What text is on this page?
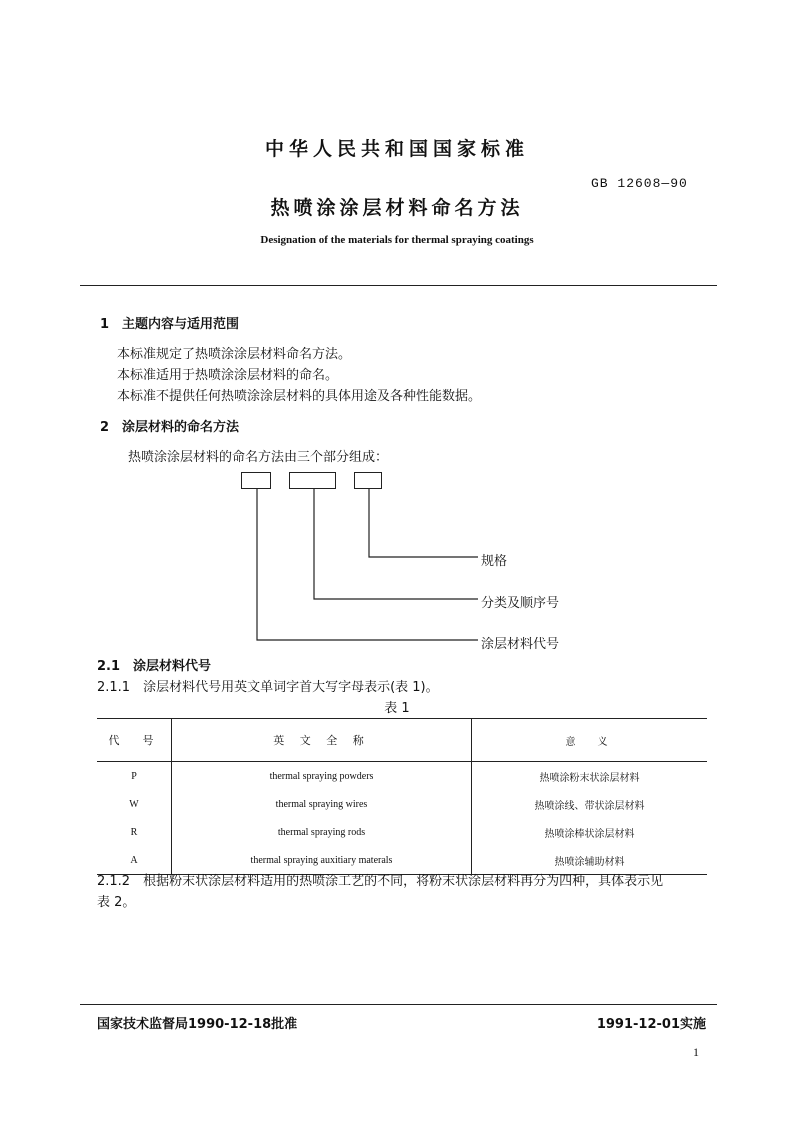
中华人民共和国国家标准
GB 12608—90
热喷涂涂层材料命名方法
Designation of the materials for thermal spraying coatings
1　主题内容与适用范围
本标准规定了热喷涂涂层材料命名方法。
本标准适用于热喷涂涂层材料的命名。
本标准不提供任何热喷涂涂层材料的具体用途及各种性能数据。
2　涂层材料的命名方法
热喷涂涂层材料的命名方法由三个部分组成：
规格
分类及顺序号
涂层材料代号
2.1　涂层材料代号
2.1.1　涂层材料代号用英文单词字首大写字母表示(表 1)。
表 1
代　号	英 文 全 称	意　义
P	thermal spraying powders	热喷涂粉末状涂层材料
W	thermal spraying wires	热喷涂线、带状涂层材料
R	thermal spraying rods	热喷涂棒状涂层材料
A	thermal spraying auxitiary materals	热喷涂辅助材料
2.1.2　根据粉末状涂层材料适用的热喷涂工艺的不同，将粉末状涂层材料再分为四种，具体表示见
表 2。
国家技术监督局1990-12-18批准	1991-12-01实施
1
